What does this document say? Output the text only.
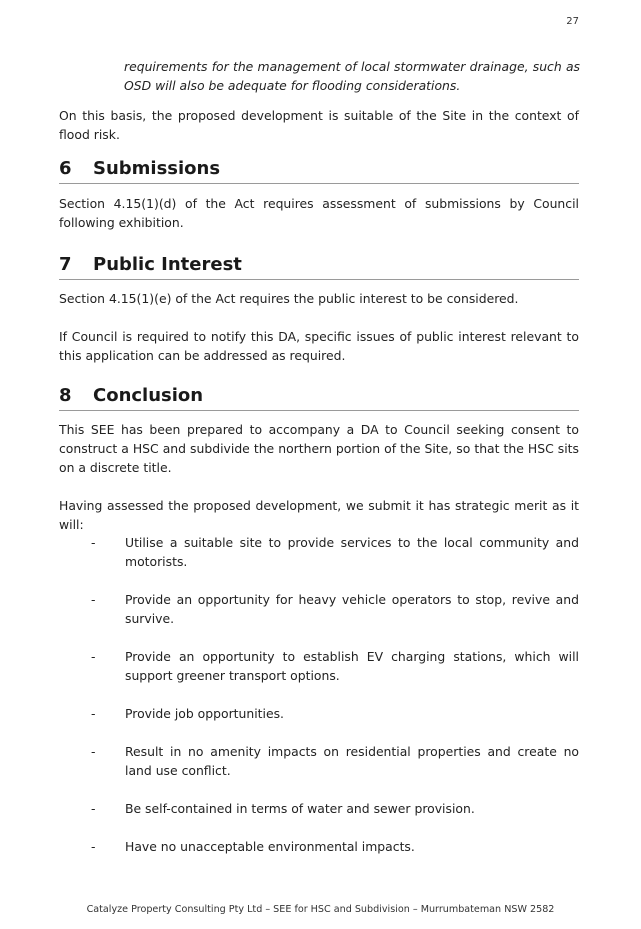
27
requirements for the management of local stormwater drainage, such as OSD will also be adequate for flooding considerations.
On this basis, the proposed development is suitable of the Site in the context of flood risk.
6 Submissions
Section 4.15(1)(d) of the Act requires assessment of submissions by Council following exhibition.
7 Public Interest
Section 4.15(1)(e) of the Act requires the public interest to be considered.
If Council is required to notify this DA, specific issues of public interest relevant to this application can be addressed as required.
8 Conclusion
This SEE has been prepared to accompany a DA to Council seeking consent to construct a HSC and subdivide the northern portion of the Site, so that the HSC sits on a discrete title.
Having assessed the proposed development, we submit it has strategic merit as it will:
- Utilise a suitable site to provide services to the local community and motorists.
- Provide an opportunity for heavy vehicle operators to stop, revive and survive.
- Provide an opportunity to establish EV charging stations, which will support greener transport options.
- Provide job opportunities.
- Result in no amenity impacts on residential properties and create no land use conflict.
- Be self-contained in terms of water and sewer provision.
- Have no unacceptable environmental impacts.
Catalyze Property Consulting Pty Ltd – SEE for HSC and Subdivision – Murrumbateman NSW 2582
